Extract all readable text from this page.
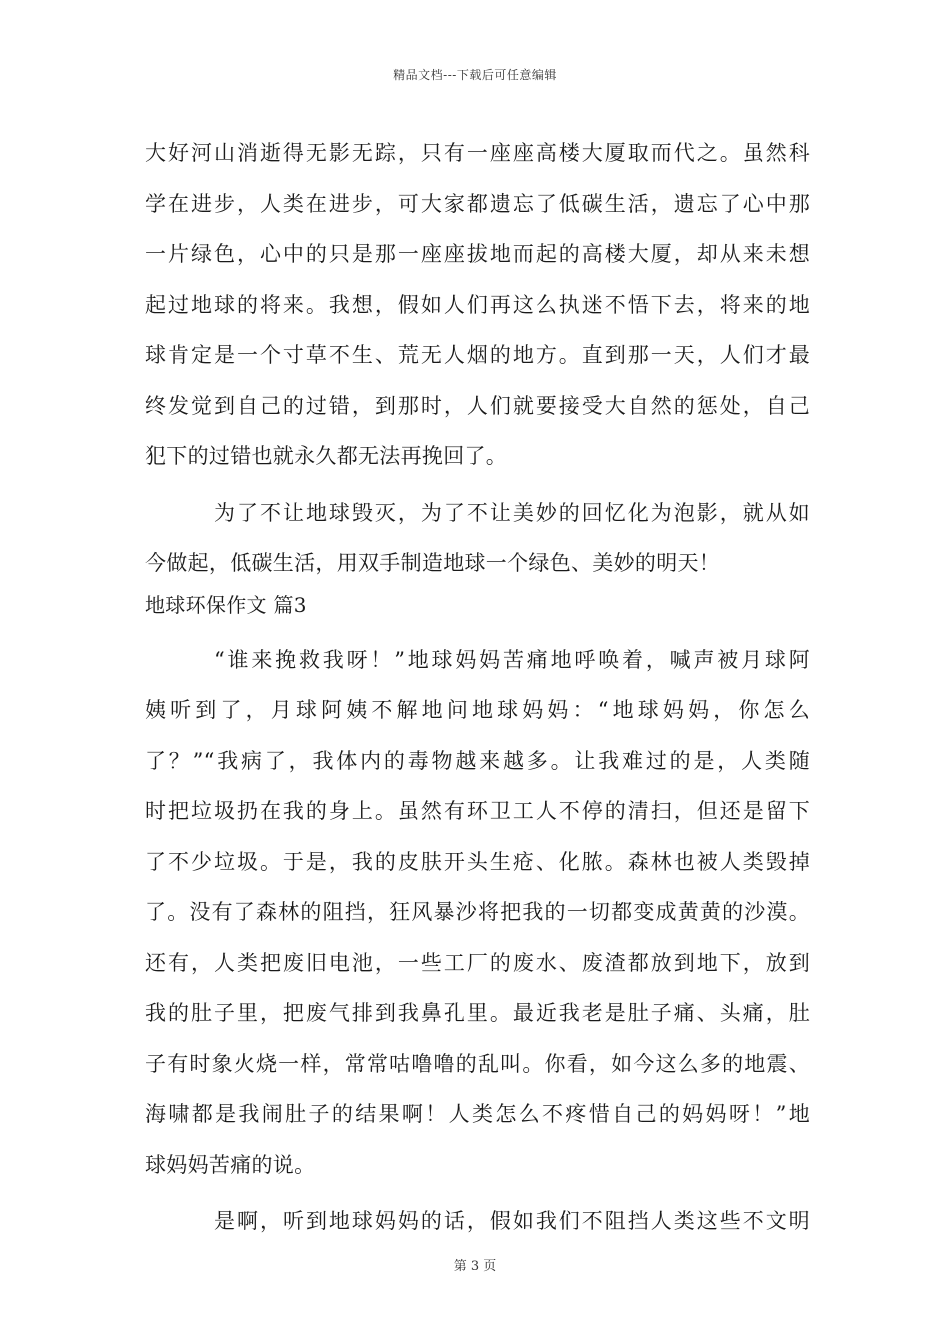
精品文档---下载后可任意编辑
大好河山消逝得无影无踪，只有一座座高楼大厦取而代之。虽然科
学在进步，人类在进步，可大家都遗忘了低碳生活，遗忘了心中那
一片绿色，心中的只是那一座座拔地而起的高楼大厦，却从来未想
起过地球的将来。我想，假如人们再这么执迷不悟下去，将来的地
球肯定是一个寸草不生、荒无人烟的地方。直到那一天，人们才最
终发觉到自己的过错，到那时，人们就要接受大自然的惩处，自己
犯下的过错也就永久都无法再挽回了。
为了不让地球毁灭，为了不让美妙的回忆化为泡影，就从如
今做起，低碳生活，用双手制造地球一个绿色、美妙的明天！
地球环保作文 篇3
“谁来挽救我呀！”地球妈妈苦痛地呼唤着，喊声被月球阿
姨听到了，月球阿姨不解地问地球妈妈：“地球妈妈，你怎么
了？”“我病了，我体内的毒物越来越多。让我难过的是，人类随
时把垃圾扔在我的身上。虽然有环卫工人不停的清扫，但还是留下
了不少垃圾。于是，我的皮肤开头生疮、化脓。森林也被人类毁掉
了。没有了森林的阻挡，狂风暴沙将把我的一切都变成黄黄的沙漠。
还有，人类把废旧电池，一些工厂的废水、废渣都放到地下，放到
我的肚子里，把废气排到我鼻孔里。最近我老是肚子痛、头痛，肚
子有时象火烧一样，常常咕噜噜的乱叫。你看，如今这么多的地震、
海啸都是我闹肚子的结果啊！人类怎么不疼惜自己的妈妈呀！”地
球妈妈苦痛的说。
是啊，听到地球妈妈的话，假如我们不阻挡人类这些不文明
第 3 页
